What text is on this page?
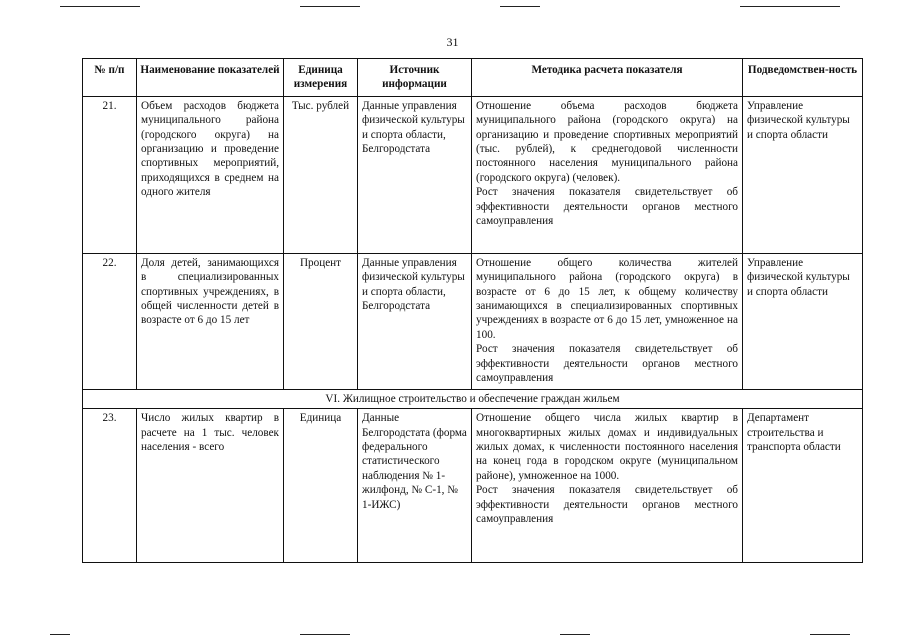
31
№ п/п	Наименование показателей	Единица измерения	Источник информации	Методика расчета показателя	Подведомствен-ность
21.	Объем расходов бюджета муниципального района (городского округа) на организацию и проведение спортивных мероприятий, приходящихся в среднем на одного жителя	Тыс. рублей	Данные управления физической культуры и спорта области, Белгородстата	Отношение объема расходов бюджета муниципального района (городского округа) на организацию и проведение спортивных мероприятий (тыс. рублей), к среднегодовой численности постоянного населения муниципального района (городского округа) (человек).
Рост значения показателя свидетельствует об эффективности деятельности органов местного самоуправления	Управление физической культуры и спорта области
22.	Доля детей, занимающихся в специализированных спортивных учреждениях, в общей численности детей в возрасте от 6 до 15 лет	Процент	Данные управления физической культуры и спорта области, Белгородстата	Отношение общего количества жителей муниципального района (городского округа) в возрасте от 6 до 15 лет, к общему количеству занимающихся в специализированных спортивных учреждениях в возрасте от 6 до 15 лет, умноженное на 100.
Рост значения показателя свидетельствует об эффективности деятельности органов местного самоуправления	Управление физической культуры и спорта области
VI. Жилищное строительство и обеспечение граждан жильем					
23.	Число жилых квартир в расчете на 1 тыс. человек населения - всего	Единица	Данные Белгородстата (форма федерального статистического наблюдения № 1-жилфонд, № С-1, № 1-ИЖС)	Отношение общего числа жилых квартир в многоквартирных жилых домах и индивидуальных жилых домах, к численности постоянного населения на конец года в городском округе (муниципальном районе), умноженное на 1000.
Рост значения показателя свидетельствует об эффективности деятельности органов местного самоуправления	Департамент строительства и транспорта области
